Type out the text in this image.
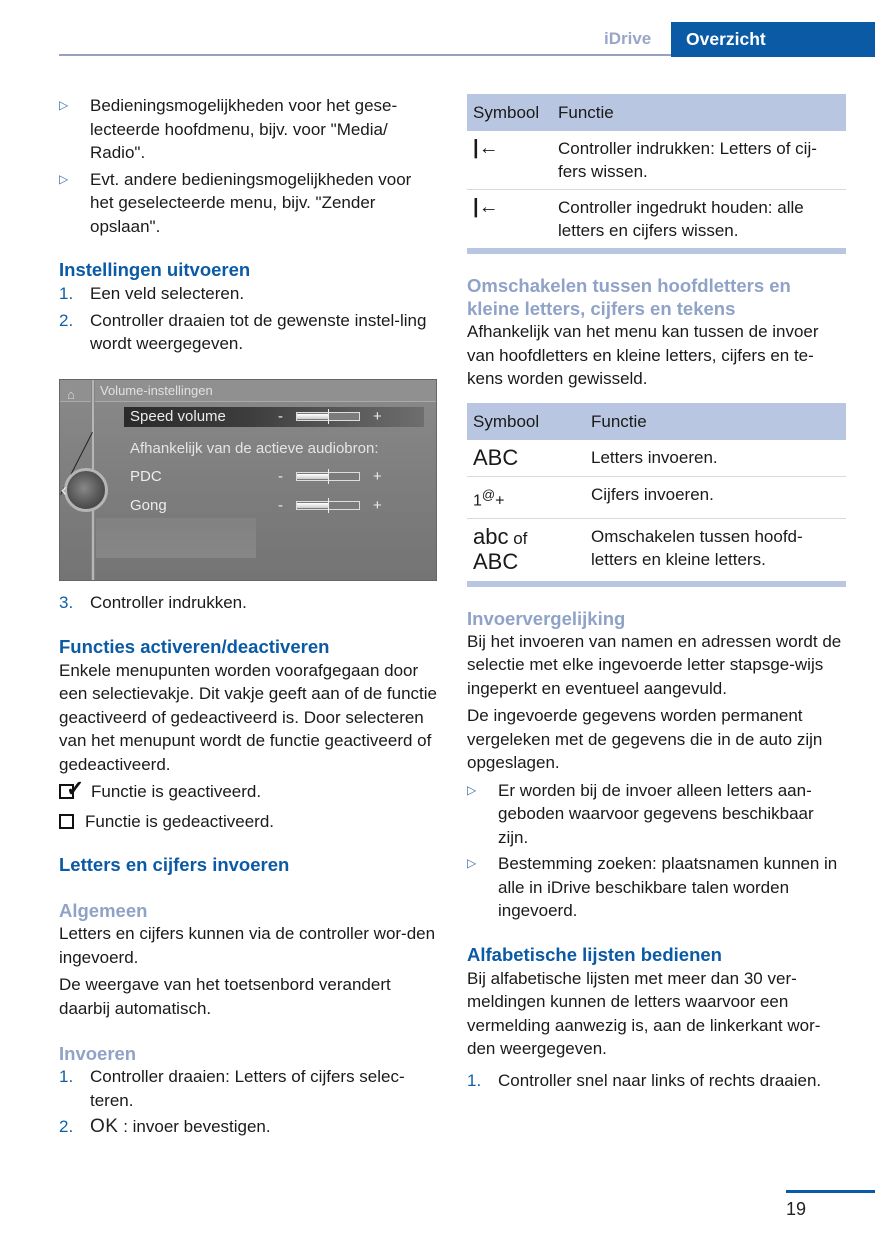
iDrive	Overzicht
▷ Bedieningsmogelijkheden voor het gese-lecteerde hoofdmenu, bijv. voor "Media/ Radio".
▷ Evt. andere bedieningsmogelijkheden voor het geselecteerde menu, bijv. "Zender opslaan".
Instellingen uitvoeren
1. Een veld selecteren.
2. Controller draaien tot de gewenste instel-ling wordt weergegeven.
⌂ Volume-instellingen
‹
Speed volume	-	+
Afhankelijk van de actieve audiobron:
PDC	-	+
Gong	-	+
3. Controller indrukken.
Functies activeren/deactiveren

Enkele menupunten worden voorafgegaan door een selectievakje. Dit vakje geeft aan of de functie geactiveerd of gedeactiveerd is. Door selecteren van het menupunt wordt de functie geactiveerd of gedeactiveerd.

✓ Functie is geactiveerd.
Functie is gedeactiveerd.
Letters en cijfers invoeren
Algemeen

Letters en cijfers kunnen via de controller wor-den ingevoerd.

De weergave van het toetsenbord verandert daarbij automatisch.

Invoeren
1. Controller draaien: Letters of cijfers selec-teren.
2. OK : invoer bevestigen.
Symbool	Functie
|←	Controller indrukken: Letters of cij-fers wissen.
|←	Controller ingedrukt houden: alle letters en cijfers wissen.

Omschakelen tussen hoofdletters en kleine letters, cijfers en tekens

Afhankelijk van het menu kan tussen de invoer van hoofdletters en kleine letters, cijfers en te-kens worden gewisseld.

Symbool	Functie
ABC	Letters invoeren.
1@+	Cijfers invoeren.
abc of
ABC	Omschakelen tussen hoofd-letters en kleine letters.

Invoervergelijking

Bij het invoeren van namen en adressen wordt de selectie met elke ingevoerde letter stapsge-wijs ingeperkt en eventueel aangevuld.

De ingevoerde gegevens worden permanent vergeleken met de gegevens die in de auto zijn opgeslagen.

▷ Er worden bij de invoer alleen letters aan-geboden waarvoor gegevens beschikbaar zijn.
▷ Bestemming zoeken: plaatsnamen kunnen in alle in iDrive beschikbare talen worden ingevoerd.
Alfabetische lijsten bedienen

Bij alfabetische lijsten met meer dan 30 ver-meldingen kunnen de letters waarvoor een vermelding aanwezig is, aan de linkerkant wor-den weergegeven.

1. Controller snel naar links of rechts draaien.
19
